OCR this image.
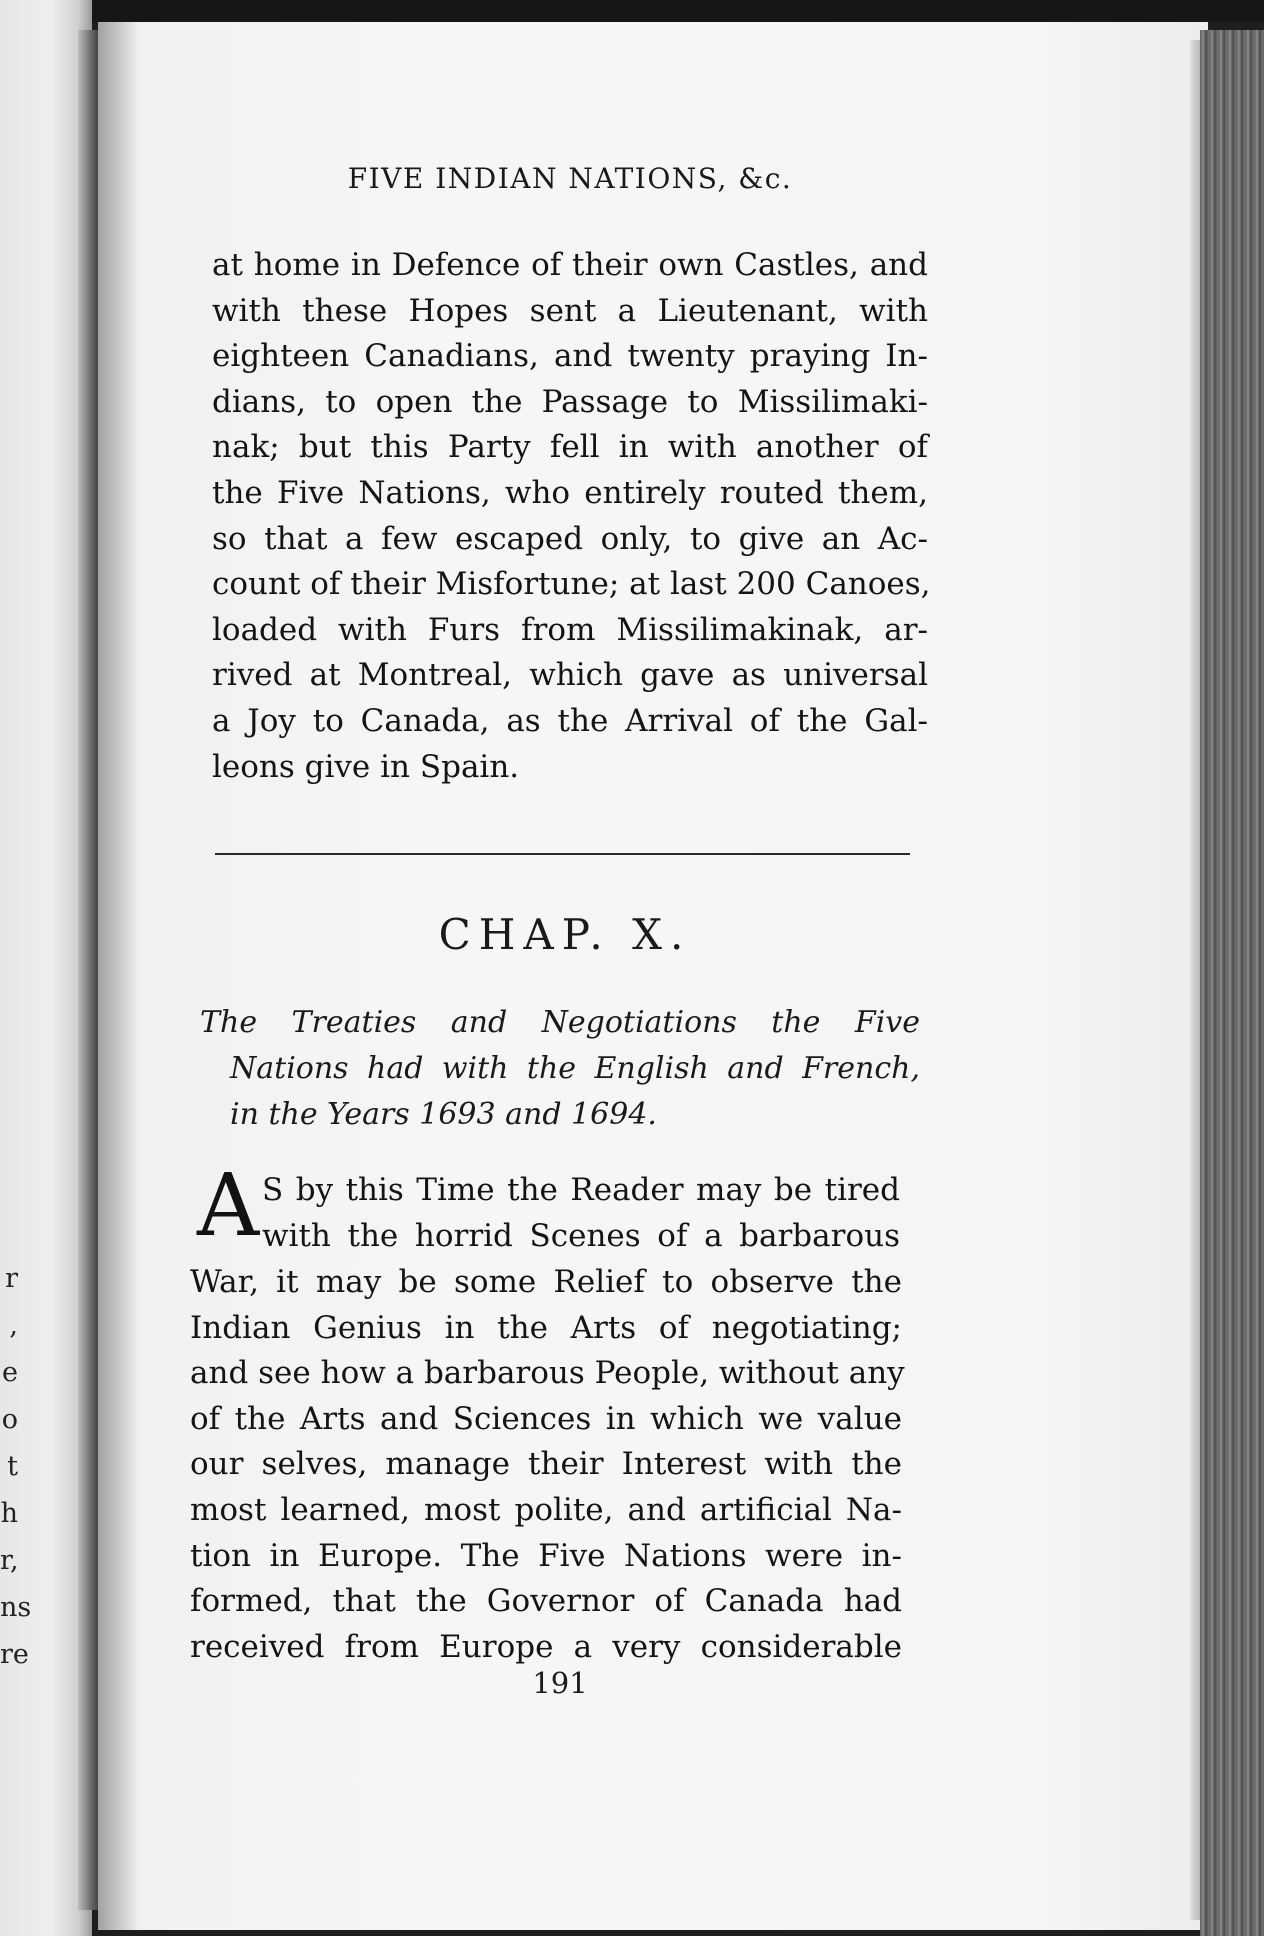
r
,
e
o
t
h
r,
ns
re
FIVE INDIAN NATIONS, &c.
at home in Defence of their own Castles, and
with these Hopes sent a Lieutenant, with
eighteen Canadians, and twenty praying In-
dians, to open the Passage to Missilimaki-
nak; but this Party fell in with another of
the Five Nations, who entirely routed them,
so that a few escaped only, to give an Ac-
count of their Misfortune; at last 200 Canoes,
loaded with Furs from Missilimakinak, ar-
rived at Montreal, which gave as universal
a Joy to Canada, as the Arrival of the Gal-
leons give in Spain.
CHAP. X.
The Treaties and Negotiations the Five
Nations had with the English and French,
in the Years 1693 and 1694.
A S by this Time the Reader may be tired
with the horrid Scenes of a barbarous
War, it may be some Relief to observe the
Indian Genius in the Arts of negotiating;
and see how a barbarous People, without any
of the Arts and Sciences in which we value
our selves, manage their Interest with the
most learned, most polite, and artificial Na-
tion in Europe. The Five Nations were in-
formed, that the Governor of Canada had
received from Europe a very considerable
191
